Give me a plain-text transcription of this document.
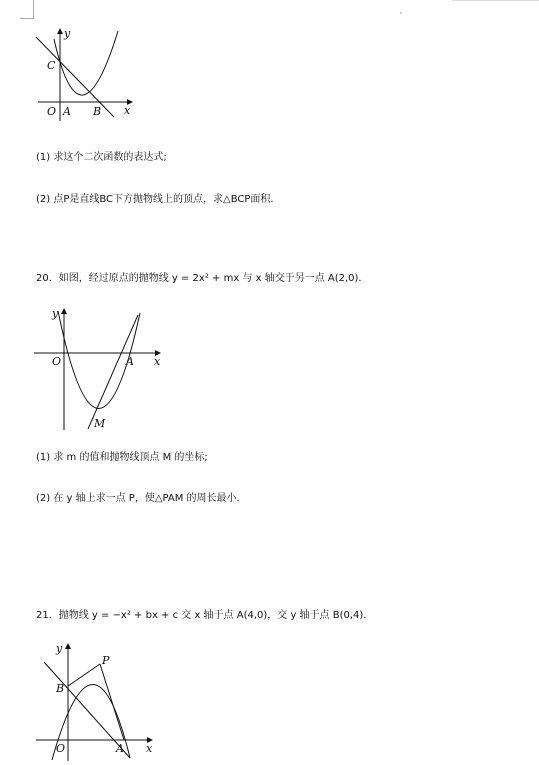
y
x
C
O A B
(1) 求这个二次函数的表达式;
(2) 点P是直线BC下方抛物线上的顶点，求△BCP面积.
20．如图，经过原点的抛物线 y = 2x² + mx 与 x 轴交于另一点 A(2,0)．
y
x
O	A
M
(1) 求 m 的值和抛物线顶点 M 的坐标;
(2) 在 y 轴上求一点 P，使△PAM 的周长最小.
21．抛物线 y = −x² + bx + c 交 x 轴于点 A(4,0)，交 y 轴于点 B(0,4)．
y
x
P
B
O	A
